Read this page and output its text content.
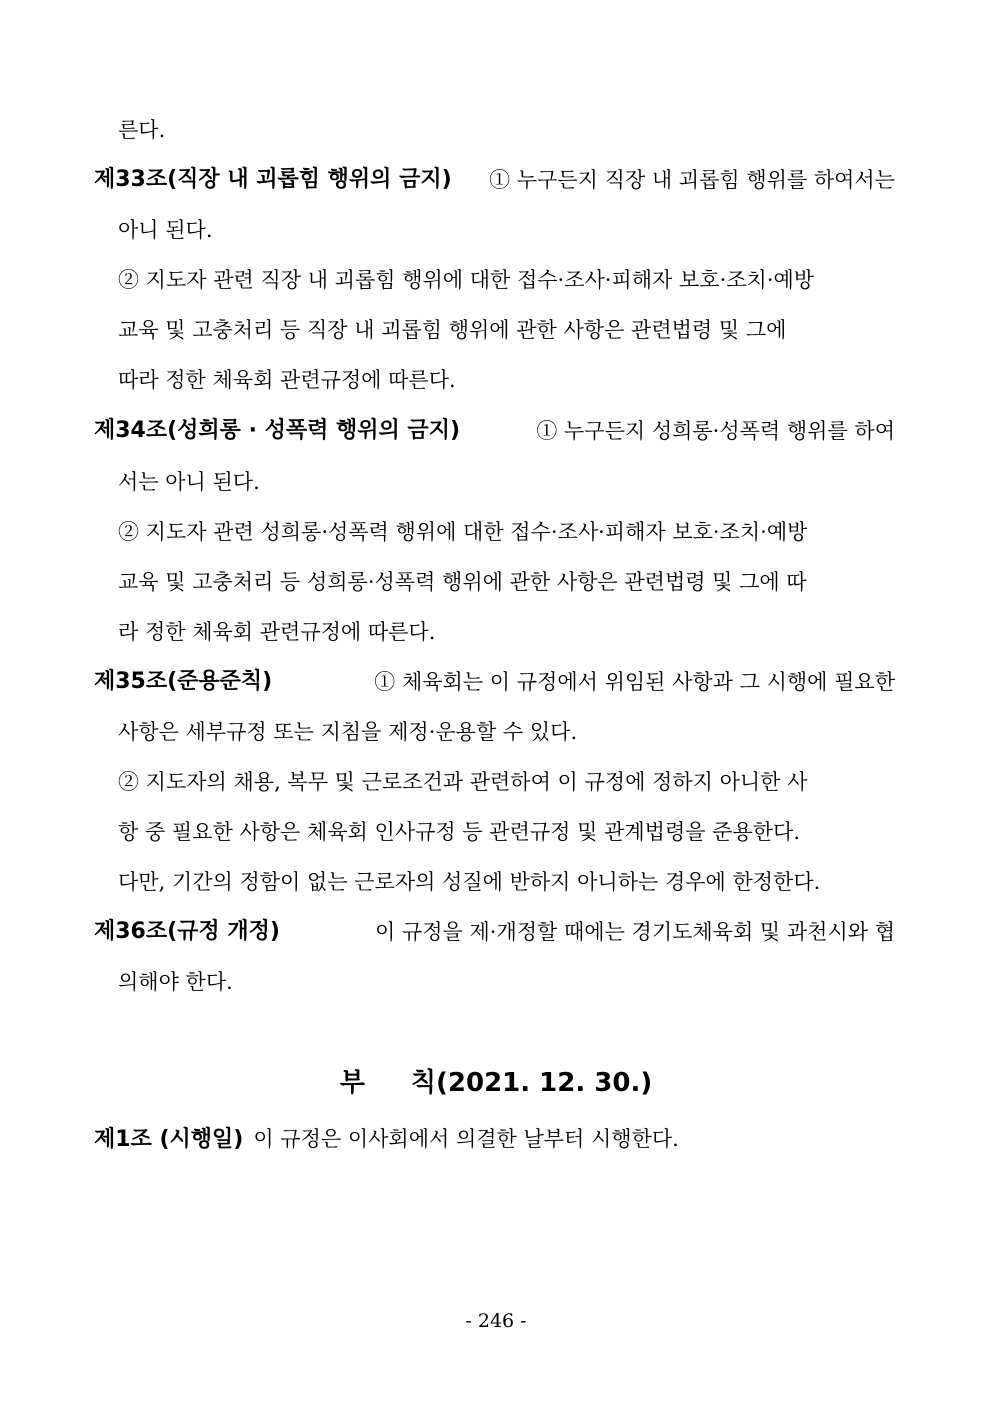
른다.
제33조(직장 내 괴롭힘 행위의 금지) ① 누구든지 직장 내 괴롭힘 행위를 하여서는
아니 된다.
② 지도자 관련 직장 내 괴롭힘 행위에 대한 접수·조사·피해자 보호·조치·예방
교육 및 고충처리 등 직장 내 괴롭힘 행위에 관한 사항은 관련법령 및 그에
따라 정한 체육회 관련규정에 따른다.
제34조(성희롱 · 성폭력 행위의 금지)	① 누구든지 성희롱·성폭력 행위를 하여
서는 아니 된다.
② 지도자 관련 성희롱·성폭력 행위에 대한 접수·조사·피해자 보호·조치·예방
교육 및 고충처리 등 성희롱·성폭력 행위에 관한 사항은 관련법령 및 그에 따
라 정한 체육회 관련규정에 따른다.
제35조(준용준칙)	① 체육회는 이 규정에서 위임된 사항과 그 시행에 필요한
사항은 세부규정 또는 지침을 제정·운용할 수 있다.
② 지도자의 채용, 복무 및 근로조건과 관련하여 이 규정에 정하지 아니한 사
항 중 필요한 사항은 체육회 인사규정 등 관련규정 및 관계법령을 준용한다.
다만, 기간의 정함이 없는 근로자의 성질에 반하지 아니하는 경우에 한정한다.
제36조(규정 개정)	이 규정을 제·개정할 때에는 경기도체육회 및 과천시와 협
의해야 한다.
부 칙(2021. 12. 30.)
제1조 (시행일) 이 규정은 이사회에서 의결한 날부터 시행한다.
- 246 -
